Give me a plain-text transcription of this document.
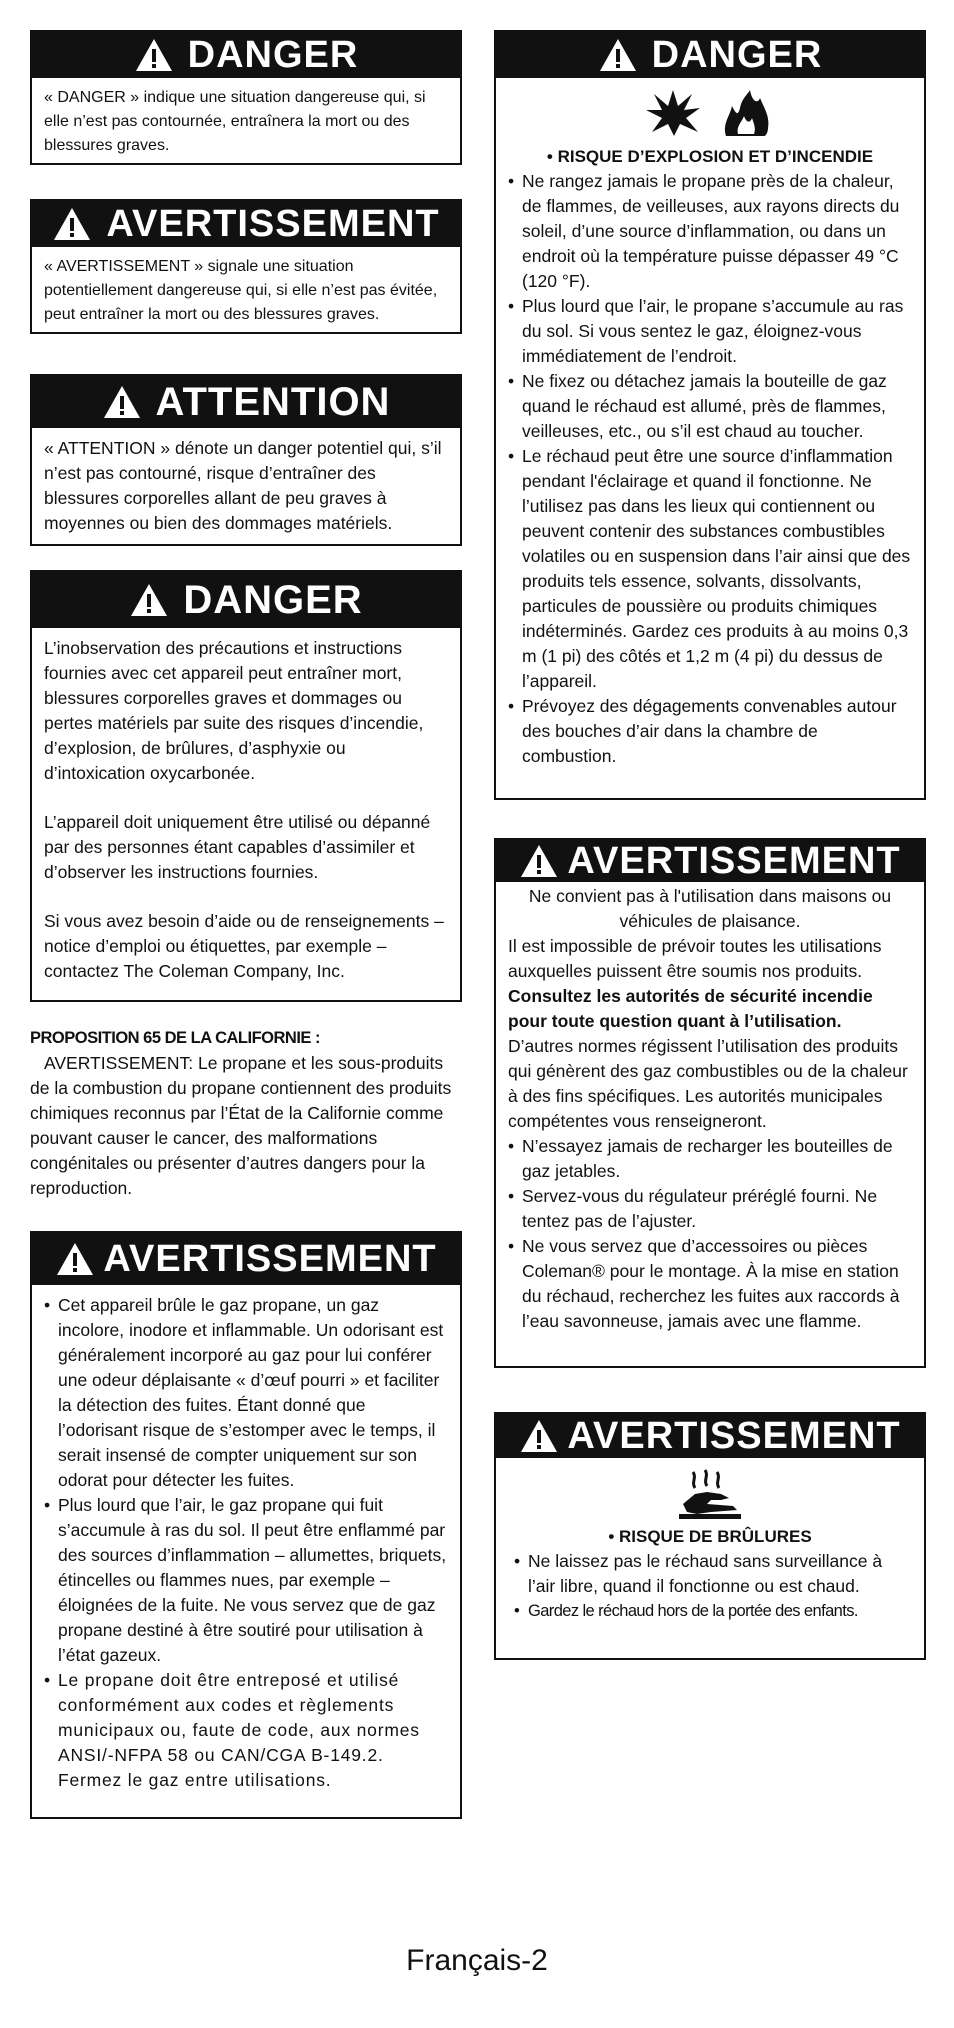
DANGER
« DANGER » indique une situation dangereuse qui, si elle n’est pas contournée, entraînera la mort ou des blessures graves.
AVERTISSEMENT
« AVERTISSEMENT » signale une situation potentiellement dangereuse qui, si elle n’est pas évitée, peut entraîner la mort ou des blessures graves.
ATTENTION
« ATTENTION » dénote un danger potentiel qui, s’il n’est pas contourné, risque d’entraîner des blessures corporelles allant de peu graves à moyennes ou bien des dommages matériels.
DANGER

L’inobservation des précautions et instructions fournies avec cet appareil peut entraîner mort, blessures corporelles graves et dommages ou pertes matériels par suite des risques d’incendie, d’explosion, de brûlures, d’asphyxie ou d’intoxication oxycarbonée.

L’appareil doit uniquement être utilisé ou dépanné par des personnes étant capables d’assimiler et d’observer les instructions fournies.

Si vous avez besoin d’aide ou de renseignements – notice d’emploi ou étiquettes, par exemple – contactez The Coleman Company, Inc.

PROPOSITION 65 DE LA CALIFORNIE :

AVERTISSEMENT: Le propane et les sous-produits de la combustion du propane contiennent des produits chimiques reconnus par l’État de la Californie comme pouvant causer le cancer, des malformations congénitales ou présenter d’autres dangers pour la reproduction.

AVERTISSEMENT
• Cet appareil brûle le gaz propane, un gaz incolore, inodore et inflammable. Un odorisant est généralement incorporé au gaz pour lui conférer une odeur déplaisante « d’œuf pourri » et faciliter la détection des fuites. Étant donné que l’odorisant risque de s’estomper avec le temps, il serait insensé de compter uniquement sur son odorat pour détecter les fuites.
• Plus lourd que l’air, le gaz propane qui fuit s’accumule à ras du sol. Il peut être enflammé par des sources d’inflammation – allumettes, briquets, étincelles ou flammes nues, par exemple – éloignées de la fuite. Ne vous servez que de gaz propane destiné à être soutiré pour utilisation à l’état gazeux.
• Le propane doit être entreposé et utilisé conformément aux codes et règlements municipaux ou, faute de code, aux normes ANSI/-NFPA 58 ou CAN/CGA B-149.2. Fermez le gaz entre utilisations.
DANGER

• RISQUE D’EXPLOSION ET D’INCENDIE

• Ne rangez jamais le propane près de la chaleur, de flammes, de veilleuses, aux rayons directs du soleil, d’une source d’inflammation, ou dans un endroit où la température puisse dépasser 49 °C (120 °F).
• Plus lourd que l’air, le propane s’accumule au ras du sol. Si vous sentez le gaz, éloignez-vous immédiatement de l’endroit.
• Ne fixez ou détachez jamais la bouteille de gaz quand le réchaud est allumé, près de flammes, veilleuses, etc., ou s’il est chaud au toucher.
• Le réchaud peut être une source d’inflammation pendant l'éclairage et quand il fonctionne. Ne l’utilisez pas dans les lieux qui contiennent ou peuvent contenir des substances combustibles volatiles ou en suspension dans l’air ainsi que des produits tels essence, solvants, dissolvants, particules de poussière ou produits chimiques indéterminés. Gardez ces produits à au moins 0,3 m (1 pi) des côtés et 1,2 m (4 pi) du dessus de l’appareil.
• Prévoyez des dégagements convenables autour des bouches d’air dans la chambre de combustion.
AVERTISSEMENT

Ne convient pas à l'utilisation dans maisons ou véhicules de plaisance.

Il est impossible de prévoir toutes les utilisations auxquelles puissent être soumis nos produits.

Consultez les autorités de sécurité incendie pour toute question quant à l’utilisation.

D’autres normes régissent l’utilisation des produits qui génèrent des gaz combustibles ou de la chaleur à des fins spécifiques. Les autorités municipales compétentes vous renseigneront.

• N’essayez jamais de recharger les bouteilles de gaz jetables.
• Servez-vous du régulateur préréglé fourni. Ne tentez pas de l’ajuster.
• Ne vous servez que d’accessoires ou pièces Coleman® pour le montage. À la mise en station du réchaud, recherchez les fuites aux raccords à l’eau savonneuse, jamais avec une flamme.
AVERTISSEMENT

• RISQUE DE BRÛLURES

• Ne laissez pas le réchaud sans surveillance à l’air libre, quand il fonctionne ou est chaud.
• Gardez le réchaud hors de la portée des enfants.
Français-2
